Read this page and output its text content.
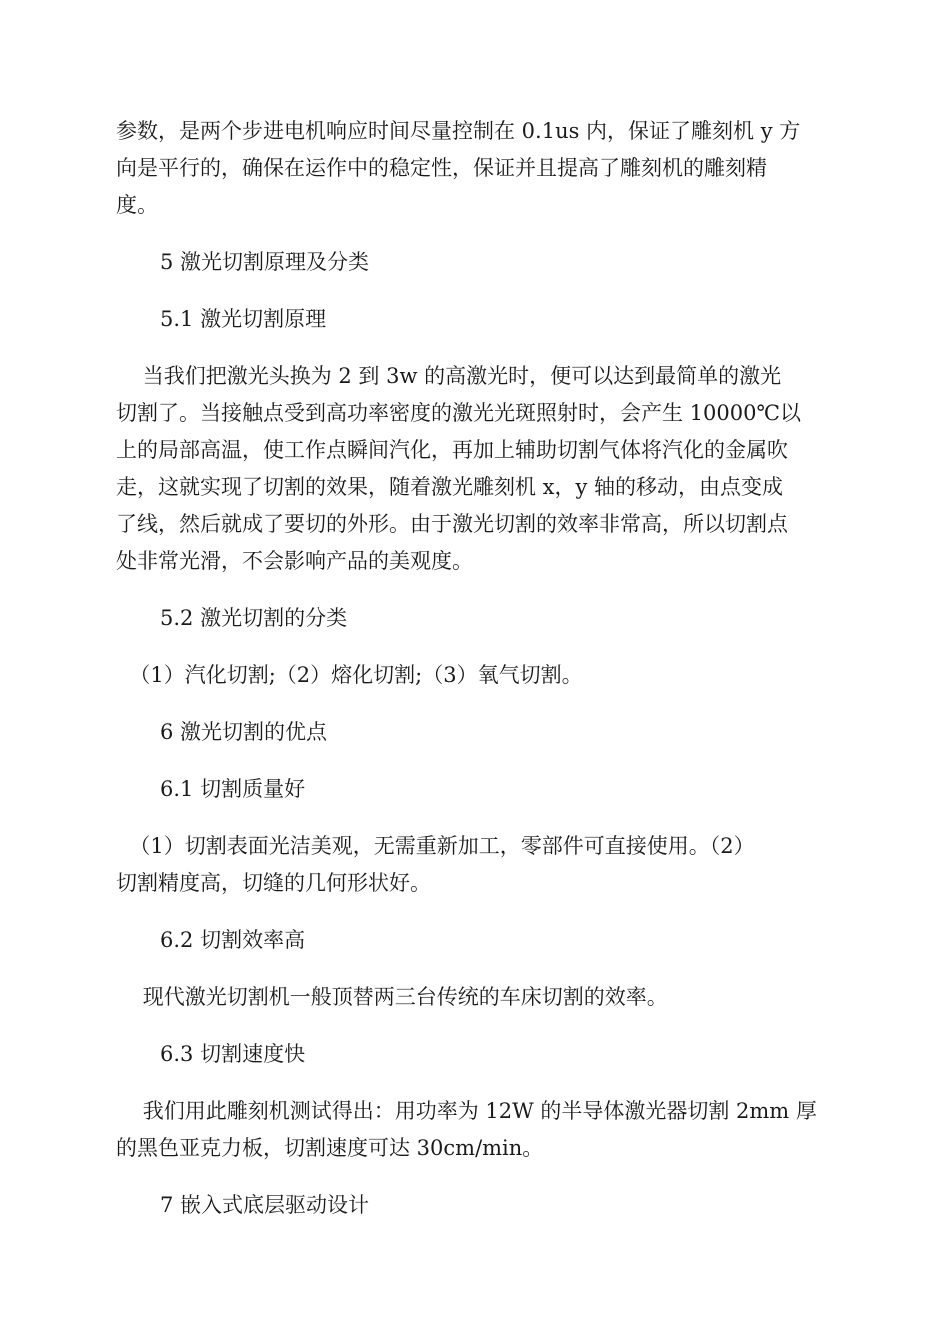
参数，是两个步进电机响应时间尽量控制在 0.1us 内，保证了雕刻机 y 方
向是平行的，确保在运作中的稳定性，保证并且提高了雕刻机的雕刻精
度。
5 激光切割原理及分类
5.1 激光切割原理
当我们把激光头换为 2 到 3w 的高激光时，便可以达到最简单的激光
切割了。当接触点受到高功率密度的激光光斑照射时，会产生 10000℃以
上的局部高温，使工作点瞬间汽化，再加上辅助切割气体将汽化的金属吹
走，这就实现了切割的效果，随着激光雕刻机 x，y 轴的移动，由点变成
了线，然后就成了要切的外形。由于激光切割的效率非常高，所以切割点
处非常光滑，不会影响产品的美观度。
5.2 激光切割的分类
（1）汽化切割;（2）熔化切割;（3）氧气切割。
6 激光切割的优点
6.1 切割质量好
（1）切割表面光洁美观，无需重新加工，零部件可直接使用。（2）
切割精度高，切缝的几何形状好。
6.2 切割效率高
现代激光切割机一般顶替两三台传统的车床切割的效率。
6.3 切割速度快
我们用此雕刻机测试得出：用功率为 12W 的半导体激光器切割 2mm 厚
的黑色亚克力板，切割速度可达 30cm/min。
7 嵌入式底层驱动设计
